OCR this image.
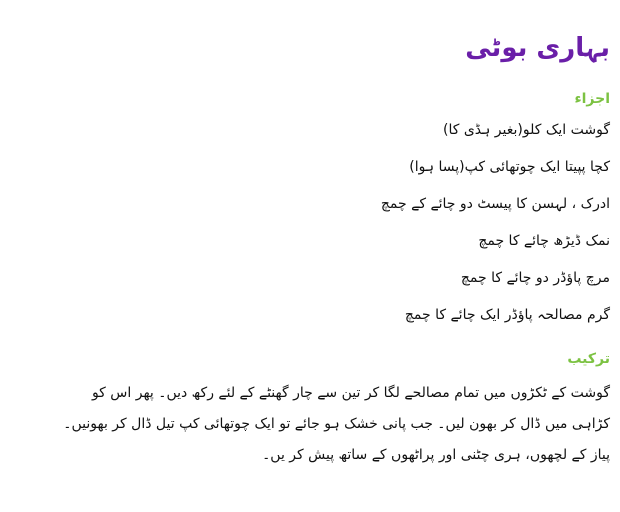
بہاری بوٹی
اجزاء
گوشت ایک کلو(بغیر ہڈی کا)
کچا پپیتا ایک چوتھائی کپ(پسا ہوا)
ادرک ، لہسن کا پیسٹ دو چائے کے چمچ
نمک ڈیڑھ چائے کا چمچ
مرچ پاؤڈر دو چائے کا چمچ
گرم مصالحہ پاؤڈر ایک چائے کا چمچ
ترکیب
گوشت کے ٹکڑوں میں تمام مصالحے لگا کر تین سے چار گھنٹے کے لئے رکھ دیں۔ پھر اس کو
کڑاہی میں ڈال کر بھون لیں۔ جب پانی خشک ہو جائے تو ایک چوتھائی کپ تیل ڈال کر بھونیں۔
پیاز کے لچھوں، ہری چٹنی اور پراٹھوں کے ساتھ پیش کر یں۔
